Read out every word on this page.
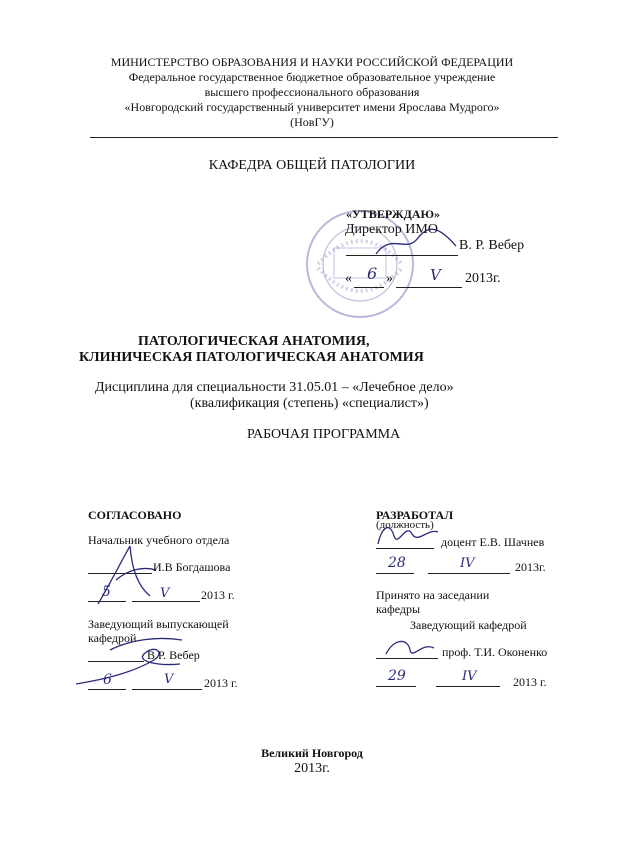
МИНИСТЕРСТВО ОБРАЗОВАНИЯ И НАУКИ РОССИЙСКОЙ ФЕДЕРАЦИИ
Федеральное государственное бюджетное образовательное учреждение
высшего профессионального образования
«Новгородский государственный университет имени Ярослава Мудрого»
(НовГУ)
КАФЕДРА ОБЩЕЙ ПАТОЛОГИИ
«УТВЕРЖДАЮ»
Директор ИМО
В. Р. Вебер
« 6 » V 2013г.
ПАТОЛОГИЧЕСКАЯ АНАТОМИЯ,
КЛИНИЧЕСКАЯ ПАТОЛОГИЧЕСКАЯ АНАТОМИЯ
Дисциплина для специальности 31.05.01 – «Лечебное дело»
(квалификация (степень) «специалист»)
РАБОЧАЯ ПРОГРАММА
СОГЛАСОВАНО
Начальник учебного отдела
И.В Богдашова
5	V	2013 г.
Заведующий выпускающей
кафедрой
В.Р. Вебер
6	V	2013 г.
РАЗРАБОТАЛ
(должность)
доцент Е.В. Шачнев
28	IV	2013г.
Принято на заседании
кафедры
Заведующий кафедрой
проф. Т.И. Оконенко
29	IV	2013 г.
Великий Новгород
2013г.
